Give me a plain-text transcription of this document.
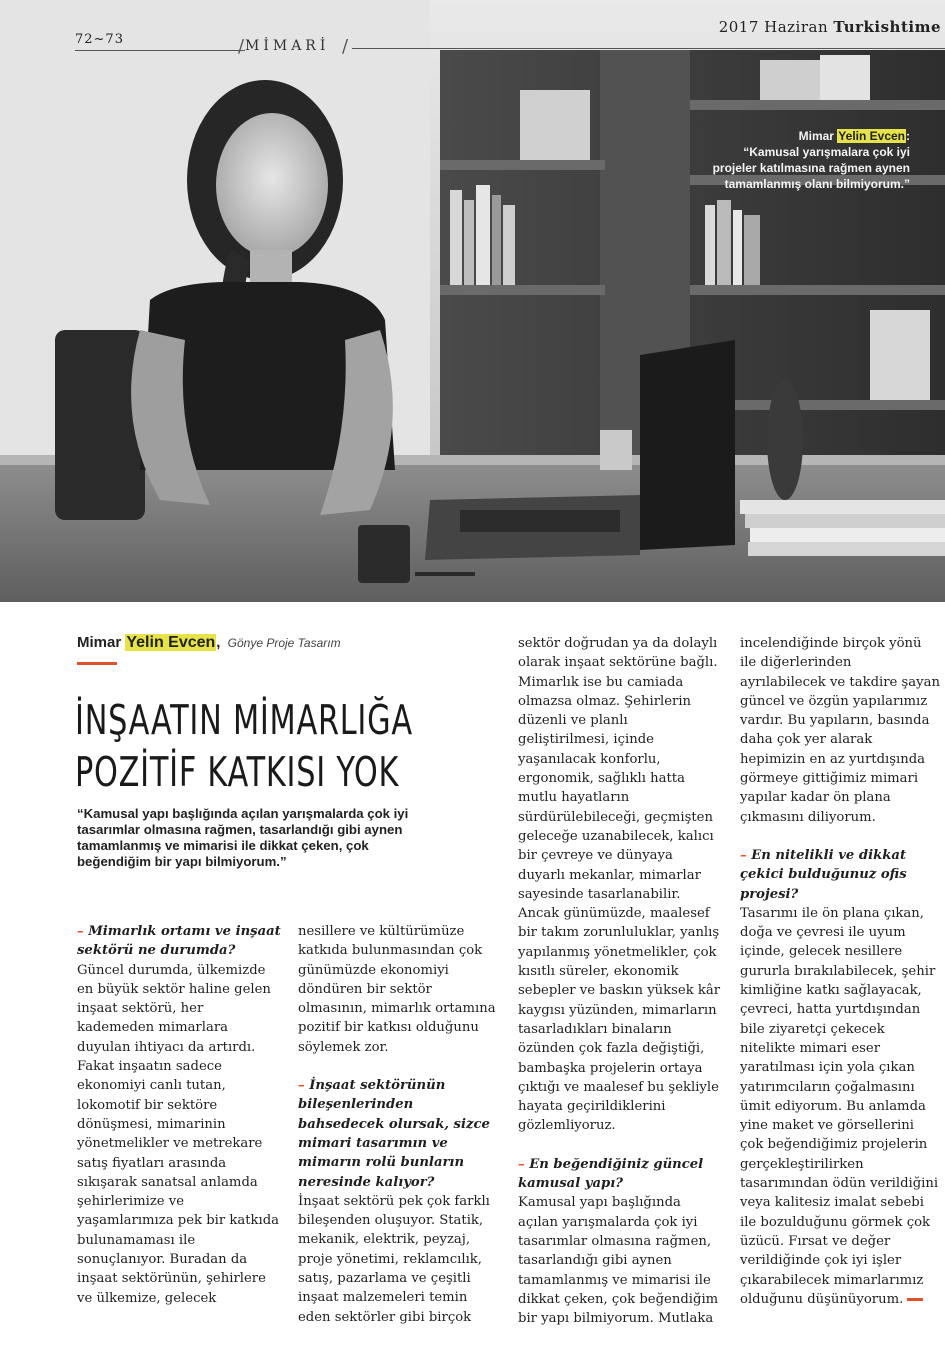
72~73	/ MİMARİ /
2017 Haziran Turkishtime
Mimar Yelin Evcen:
“Kamusal yarışmalara çok iyi projeler katılmasına rağmen aynen tamamlanmış olanı bilmiyorum.”
Mimar Yelin Evcen, Gönye Proje Tasarım
İNŞAATIN MİMARLIĞA
POZİTİF KATKISI YOK
“Kamusal yapı başlığında açılan yarışmalarda çok iyi tasarımlar olmasına rağmen, tasarlandığı gibi aynen tamamlanmış ve mimarisi ile dikkat çeken, çok beğendiğim bir yapı bilmiyorum.”

– Mimarlık ortamı ve inşaat sektörü ne durumda?

Güncel durumda, ülkemizde en büyük sektör haline gelen inşaat sektörü, her kademeden mimarlara duyulan ihtiyacı da artırdı. Fakat inşaatın sadece ekonomiyi canlı tutan, lokomotif bir sektöre dönüşmesi, mimarinin yönetmelikler ve metrekare satış fiyatları arasında sıkışarak sanatsal anlamda şehirlerimize ve yaşamlarımıza pek bir katkıda bulunamaması ile sonuçlanıyor. Buradan da inşaat sektörünün, şehirlere ve ülkemize, gelecek

nesillere ve kültürümüze katkıda bulunmasından çok günümüzde ekonomiyi döndüren bir sektör olmasının, mimarlık ortamına pozitif bir katkısı olduğunu söylemek zor.

– İnşaat sektörünün bileşenlerinden bahsedecek olursak, sizce mimari tasarımın ve mimarın rolü bunların neresinde kalıyor?

İnşaat sektörü pek çok farklı bileşenden oluşuyor. Statik, mekanik, elektrik, peyzaj, proje yönetimi, reklamcılık, satış, pazarlama ve çeşitli inşaat malzemeleri temin eden sektörler gibi birçok

sektör doğrudan ya da dolaylı olarak inşaat sektörüne bağlı. Mimarlık ise bu camiada olmazsa olmaz. Şehirlerin düzenli ve planlı geliştirilmesi, içinde yaşanılacak konforlu, ergonomik, sağlıklı hatta mutlu hayatların sürdürülebileceği, geçmişten geleceğe uzanabilecek, kalıcı bir çevreye ve dünyaya duyarlı mekanlar, mimarlar sayesinde tasarlanabilir. Ancak günümüzde, maalesef bir takım zorunluluklar, yanlış yapılanmış yönetmelikler, çok kısıtlı süreler, ekonomik sebepler ve baskın yüksek kâr kaygısı yüzünden, mimarların tasarladıkları binaların özünden çok fazla değiştiği, bambaşka projelerin ortaya çıktığı ve maalesef bu şekliyle hayata geçirildiklerini gözlemliyoruz.

– En beğendiğiniz güncel kamusal yapı?

Kamusal yapı başlığında açılan yarışmalarda çok iyi tasarımlar olmasına rağmen, tasarlandığı gibi aynen tamamlanmış ve mimarisi ile dikkat çeken, çok beğendiğim bir yapı bilmiyorum. Mutlaka

incelendiğinde birçok yönü ile diğerlerinden ayrılabilecek ve takdire şayan güncel ve özgün yapılarımız vardır. Bu yapıların, basında daha çok yer alarak hepimizin en az yurtdışında görmeye gittiğimiz mimari yapılar kadar ön plana çıkmasını diliyorum.

– En nitelikli ve dikkat çekici bulduğunuz ofis projesi?

Tasarımı ile ön plana çıkan, doğa ve çevresi ile uyum içinde, gelecek nesillere gururla bırakılabilecek, şehir kimliğine katkı sağlayacak, çevreci, hatta yurtdışından bile ziyaretçi çekecek nitelikte mimari eser yaratılması için yola çıkan yatırımcıların çoğalmasını ümit ediyorum. Bu anlamda yine maket ve görsellerini çok beğendiğimiz projelerin gerçekleştirilirken tasarımından ödün verildiğini veya kalitesiz imalat sebebi ile bozulduğunu görmek çok üzücü. Fırsat ve değer verildiğinde çok iyi işler çıkarabilecek mimarlarımız olduğunu düşünüyorum.
